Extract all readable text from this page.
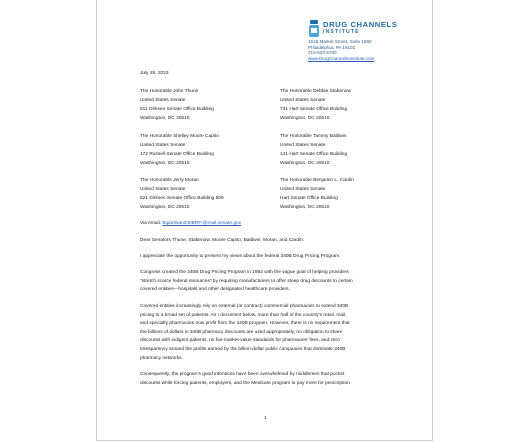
DRUG CHANNELS
INSTITUTE
1515 Market Street, Suite 1660
Philadelphia, PA 19102
215-523-5700
www.DrugChannelsInstitute.com
July 28, 2023
The Honorable John Thune
United States Senate
511 Dirksen Senate Office Building
Washington, DC 20510
The Honorable Debbie Stabenow
United States Senate
731 Hart Senate Office Building
Washington, DC 20510
The Honorable Shelley Moore Capito
United States Senate
172 Russell Senate Office Building
Washington, DC 20510
The Honorable Tammy Baldwin
United States Senate
141 Hart Senate Office Building
Washington, DC 20510
The Honorable Jerry Moran
United States Senate
521 Dirksen Senate Office Building 509
Washington, DC 20510
The Honorable Benjamin L. Cardin
United States Senate
Hart Senate Office Building
Washington, DC 20510
Via email: Bipartisan340BRFI@mail.senate.gov
Dear Senators Thune, Stabenow, Moore Capito, Baldwin, Moran, and Cardin:
I appreciate the opportunity to present my views about the federal 340B Drug Pricing Program.
Congress created the 340B Drug Pricing Program in 1992 with the vague goal of helping providers
“stretch scarce federal resources” by requiring manufacturers to offer steep drug discounts to certain
covered entities—hospitals and other designated healthcare providers.
Covered entities increasingly rely on external (or contract) commercial pharmacies to extend 340B
pricing to a broad set of patients. As I document below, more than half of the country’s retail, mail,
and specialty pharmacies now profit from the 340B program. However, there is no requirement that
the billions of dollars in 340B pharmacy discounts are used appropriately, no obligation to share
discounts with indigent patients, no fair-market-value standards for pharmacies’ fees, and zero
transparency around the profits earned by the billion-dollar public companies that dominate 340B
pharmacy networks.
Consequently, the program’s good intentions have been overwhelmed by middlemen that pocket
discounts while forcing patients, employers, and the Medicare program to pay more for prescription
1
